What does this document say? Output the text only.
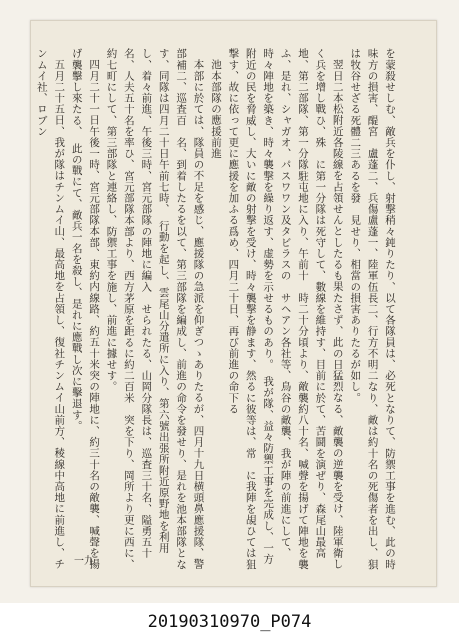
を蒙殺せしむ、敵兵を仆し、射撃稍々鈍りたり、以て各隊員は、必死となりて、防禦工事を進む、此の時味方の損害、醍宮　盧蓬二、兵傷盧蓬一、陸軍伍長二、行方不明二なり、敵は約十名の死傷者を出し、狽は牧谷せざる死體二三あるを發　見せり、相當の損害ありたるが如し。

翌日二本松附近各陵線を占領せんとしたるも果たさず、此の日猛烈なる、敵襲の逆襲を受け、陸軍衛しく兵を增し戰ひ、殊　に第一分隊は死守して、數線を維持す、目前に於て、苦鬪を演ぜり、森尾山最高地、第二部隊、第一分隊駐屯地に入り、午前十　時二十分頃より、敵襲約八十名、喊聲を揚げて陣地を襲ふ、是れ、シャガオ、パスワワン及タビラスの　サヘアン各社等、鳥谷の敵襲、我が陣の前進にして、時々陣地を築き、時々襲撃を繰り返す、虚勢を示せるものあり。　我が隊、益々防禦工事を完成し、一方附近の民を脅威し、大いに敵の射撃を受け、時々襲撃を静ます、然るに彼等は、常　に我陣を覘ひては狙撃す、故に依って更に應援を加ふる爲め、四月二十日、再び前進の命下る

池本部隊の應援前進

本部に於ては、隊員の不足を感じ、應援隊の急派を仰ぎつゝありたるが、四月十九日横頭鼻應援隊、警部補二、巡査百　名、到着したるを以て、第三部隊を編成し、前進の命令を發せり、是れを池本部隊となす、同隊は四月二十日午前七時、　行動を起し、雲尾山分遣所に入り、第六號出張所附近原野地を利用し、着々前進、午後三時、宮元部隊の陣地に編入　せられたる、山岡分隊長は、巡査三十名、隘勇五十名、人夫五十名を率ひ、宮元部隊本部より、西方茅原を距るに約二百米　突を下り、岡所より更に西に、約七町にして、第三部隊と連絡し、防禦工事を施し、前進に據せす。

四月二十一日午後一時、宮元部隊本部、東約内線路、約五十米突の陣地に、約三十名の敵襲、喊聲を揚げ襲擊し來たる、　此の戰にて、敵兵一名を殺し、是れに應戰し次に擊退す。

五月二十五日、我が隊はチンムイ山、最高地を占領し、復社チンムイ山前方、稜線中高地に前進し、チンムイ社、ロブン

一九
20190310970_P074
